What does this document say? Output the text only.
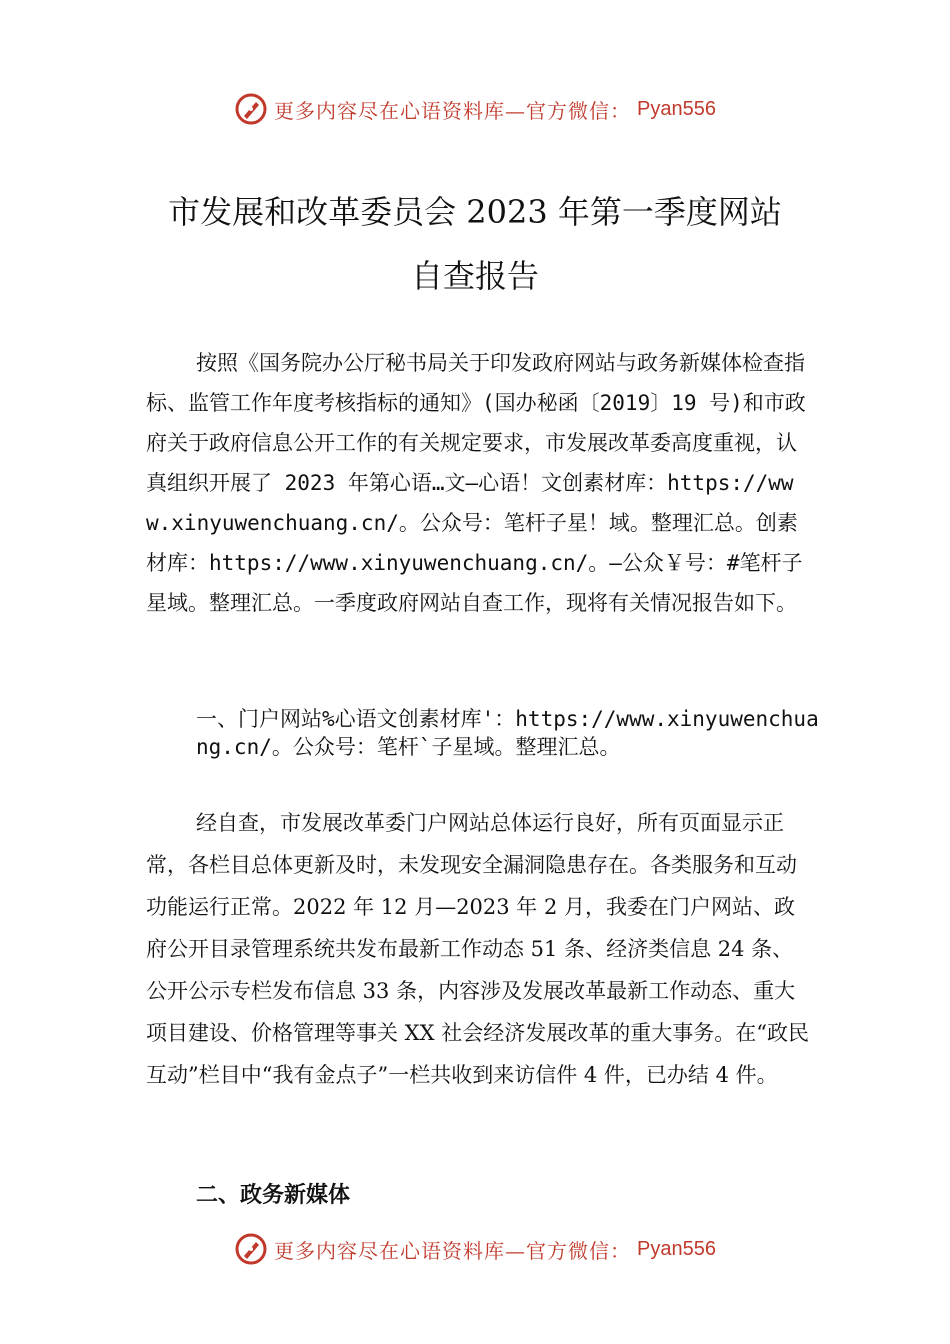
更多内容尽在心语资料库—官方微信： Pyan556
市发展和改革委员会 2023 年第一季度网站
自查报告
按照《国务院办公厅秘书局关于印发政府网站与政务新媒体检查指标、监管工作年度考核指标的通知》(国办秘函〔2019〕19 号)和市政府关于政府信息公开工作的有关规定要求，市发展改革委高度重视，认真组织开展了 2023 年第心语…文—心语！文创素材库：https://www.xinyuwenchuang.cn/。公众号：笔杆子星！域。整理汇总。创素材库：https://www.xinyuwenchuang.cn/。—公众￥号：#笔杆子星域。整理汇总。一季度政府网站自查工作，现将有关情况报告如下。
一、门户网站%心语文创素材库'：https://www.xinyuwenchuang.cn/。公众号：笔杆`子星域。整理汇总。
经自查，市发展改革委门户网站总体运行良好，所有页面显示正常，各栏目总体更新及时，未发现安全漏洞隐患存在。各类服务和互动功能运行正常。2022 年 12 月—2023 年 2 月，我委在门户网站、政府公开目录管理系统共发布最新工作动态 51 条、经济类信息 24 条、公开公示专栏发布信息 33 条，内容涉及发展改革最新工作动态、重大项目建设、价格管理等事关 XX 社会经济发展改革的重大事务。在“政民互动”栏目中“我有金点子”一栏共收到来访信件 4 件，已办结 4 件。
二、政务新媒体
更多内容尽在心语资料库—官方微信： Pyan556
